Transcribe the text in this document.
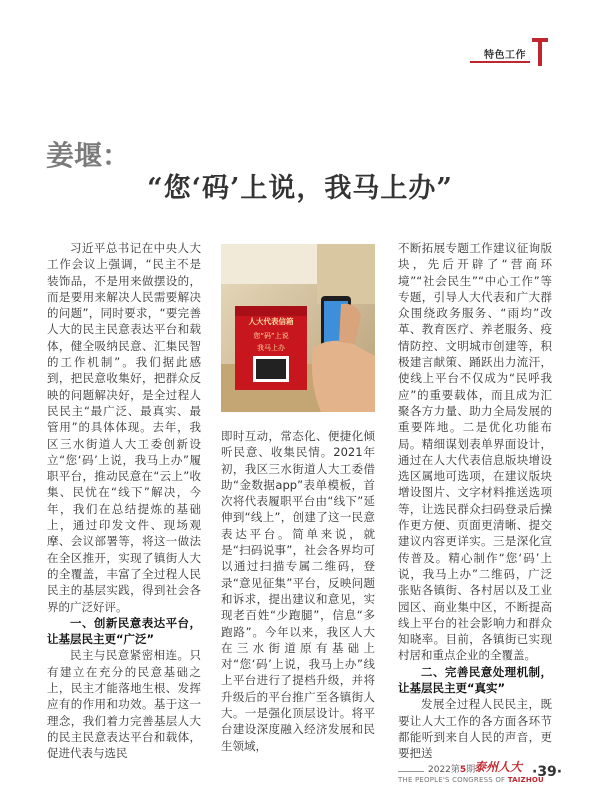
特色工作
姜堰：
“您‘码’上说，我马上办”

习近平总书记在中央人大工作会议上强调，“民主不是装饰品，不是用来做摆设的，而是要用来解决人民需要解决的问题”，同时要求，“要完善人大的民主民意表达平台和载体，健全吸纳民意、汇集民智的工作机制”。我们据此感到，把民意收集好，把群众反映的问题解决好，是全过程人民民主“最广泛、最真实、最管用”的具体体现。去年，我区三水街道人大工委创新设立“您‘码’上说，我马上办”履职平台，推动民意在“云上”收集、民忧在“线下”解决，今年，我们在总结提炼的基础上，通过印发文件、现场观摩、会议部署等，将这一做法在全区推开，实现了镇街人大的全覆盖，丰富了全过程人民民主的基层实践，得到社会各界的广泛好评。

一、创新民意表达平台，让基层民主更“广泛”

民主与民意紧密相连。只有建立在充分的民意基础之上，民主才能落地生根、发挥应有的作用和功效。基于这一理念，我们着力完善基层人大的民主民意表达平台和载体，促进代表与选民

人大代表信箱
您“码”上说
我马上办

即时互动，常态化、便捷化倾听民意、收集民情。2021年初，我区三水街道人大工委借助“金数据app”表单模板，首次将代表履职平台由“线下”延伸到“线上”，创建了这一民意表达平台。简单来说，就是“扫码说事”，社会各界均可以通过扫描专属二维码，登录“意见征集”平台，反映问题和诉求，提出建议和意见，实现老百姓“少跑腿”，信息“多跑路”。今年以来，我区人大在三水街道原有基础上对“您‘码’上说，我马上办”线上平台进行了提档升级，并将升级后的平台推广至各镇街人大。一是强化顶层设计。将平台建设深度融入经济发展和民生领域，

不断拓展专题工作建议征询版块，先后开辟了“营商环境”“社会民生”“中心工作”等专题，引导人大代表和广大群众围绕政务服务、“雨均”改革、教育医疗、养老服务、疫情防控、文明城市创建等，积极建言献策、踊跃出力流汗，使线上平台不仅成为“民呼我应”的重要载体，而且成为汇聚各方力量、助力全局发展的重要阵地。二是优化功能布局。精细谋划表单界面设计，通过在人大代表信息版块增设选区属地可选项，在建议版块增设图片、文字材料推送选项等，让选民群众扫码登录后操作更方便、页面更清晰、提交建议内容更详实。三是深化宣传普及。精心制作“您‘码’上说，我马上办”二维码，广泛张贴各镇街、各村居以及工业园区、商业集中区，不断提高线上平台的社会影响力和群众知晓率。目前，各镇街已实现村居和重点企业的全覆盖。

二、完善民意处理机制，让基层民主更“真实”

发展全过程人民民主，既要让人大工作的各方面各环节都能听到来自人民的声音，更要把送

2022第5期
泰州人大
THE PEOPLE'S CONGRESS OF TAIZHOU
·39·
